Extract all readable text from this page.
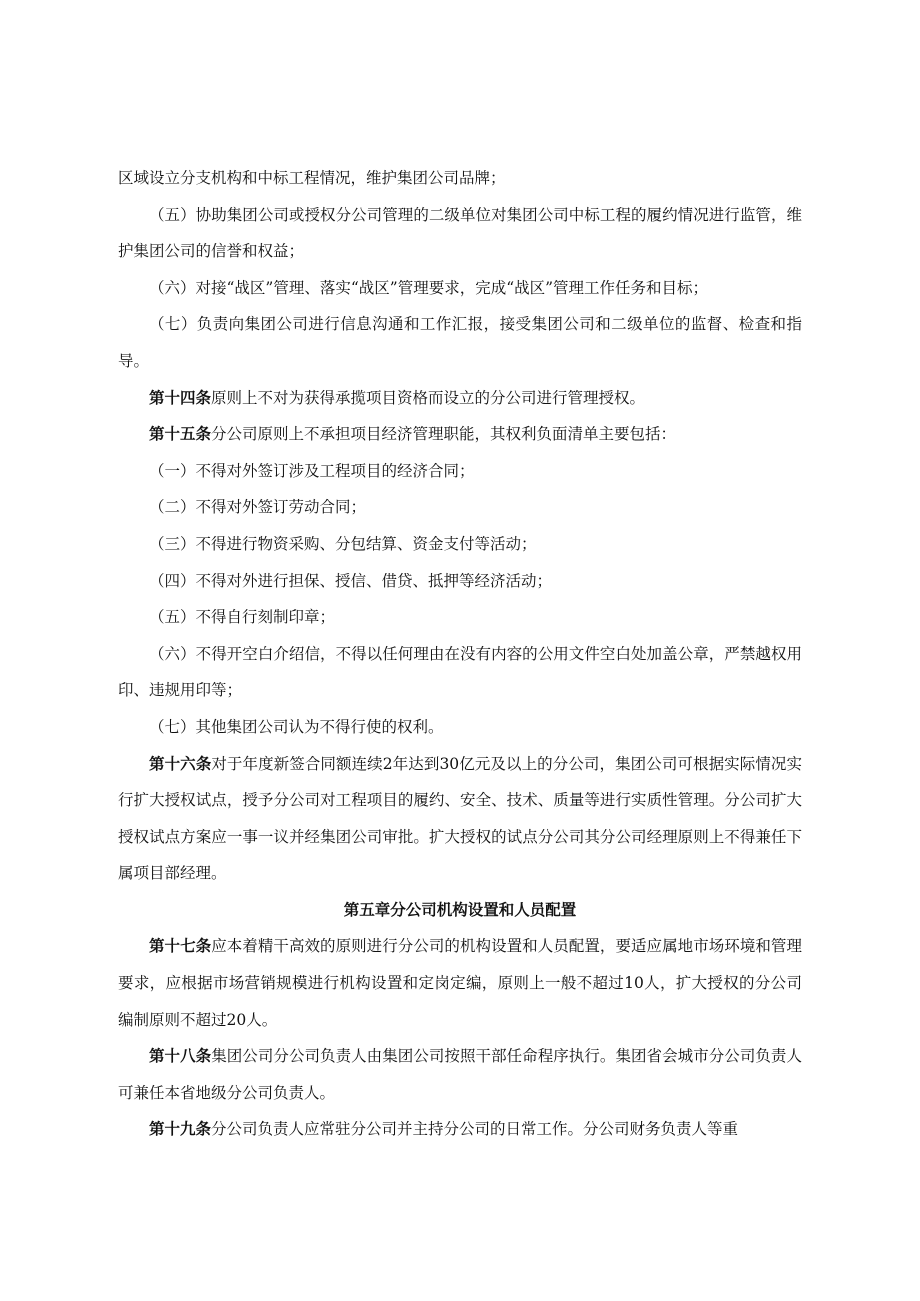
区域设立分支机构和中标工程情况，维护集团公司品牌；

（五）协助集团公司或授权分公司管理的二级单位对集团公司中标工程的履约情况进行监管，维护集团公司的信誉和权益；

（六）对接“战区”管理、落实“战区”管理要求，完成“战区”管理工作任务和目标；

（七）负责向集团公司进行信息沟通和工作汇报，接受集团公司和二级单位的监督、检查和指导。

第十四条原则上不对为获得承揽项目资格而设立的分公司进行管理授权。

第十五条分公司原则上不承担项目经济管理职能，其权利负面清单主要包括：

（一）不得对外签订涉及工程项目的经济合同；

（二）不得对外签订劳动合同；

（三）不得进行物资采购、分包结算、资金支付等活动；

（四）不得对外进行担保、授信、借贷、抵押等经济活动；

（五）不得自行刻制印章；

（六）不得开空白介绍信，不得以任何理由在没有内容的公用文件空白处加盖公章，严禁越权用印、违规用印等；

（七）其他集团公司认为不得行使的权利。

第十六条对于年度新签合同额连续2年达到30亿元及以上的分公司，集团公司可根据实际情况实行扩大授权试点，授予分公司对工程项目的履约、安全、技术、质量等进行实质性管理。分公司扩大授权试点方案应一事一议并经集团公司审批。扩大授权的试点分公司其分公司经理原则上不得兼任下属项目部经理。

第五章分公司机构设置和人员配置

第十七条应本着精干高效的原则进行分公司的机构设置和人员配置，要适应属地市场环境和管理要求，应根据市场营销规模进行机构设置和定岗定编，原则上一般不超过10人，扩大授权的分公司编制原则不超过20人。

第十八条集团公司分公司负责人由集团公司按照干部任命程序执行。集团省会城市分公司负责人可兼任本省地级分公司负责人。

第十九条分公司负责人应常驻分公司并主持分公司的日常工作。分公司财务负责人等重
